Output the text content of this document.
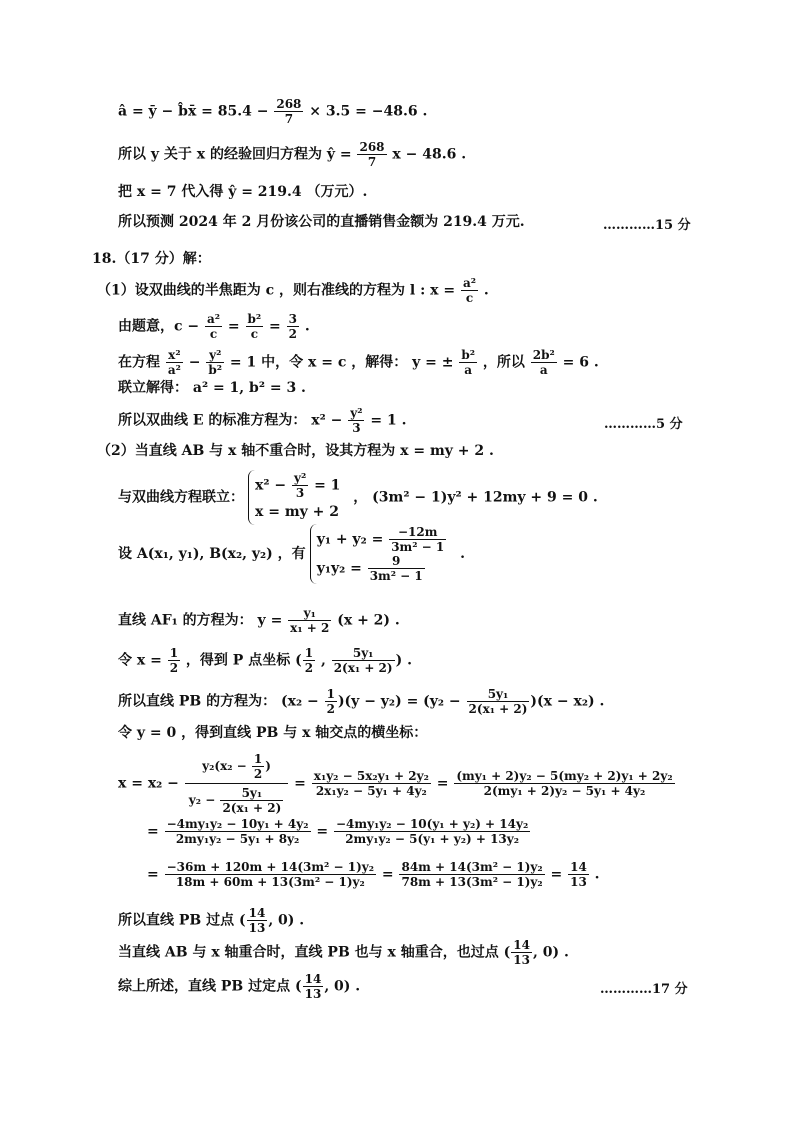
â = ȳ − b̂x̄ = $85.4 - \frac{268}{7} \times 3.5 = -48.6$ .
所以 y 关于 x 的经验回归方程为 ŷ = $\frac{268}{7}$ x − 48.6 .
把 x = 7 代入得 ŷ = 219.4 （万元）.
所以预测 2024 年 2 月份该公司的直播销售金额为 219.4 万元.	…………15 分
18.（17 分）解：
（1）设双曲线的半焦距为 c ，则右准线的方程为 l : $x = \frac{\text{a²}}{c}$ .
由题意，$c - \frac{\text{a²}}{c} = \frac{\text{b²}}{c} = \frac{3}{2}$ .
在方程 $\frac{\text{x²}}{\text{a²}} - \frac{\text{y²}}{\text{b²}} = 1$ 中，令 x = c ，解得： y = ± $\frac{\text{b²}}{a}$ ，所以 $\frac{\text{2b²}}{a} = 6$ .
联立解得： a² = 1, b² = 3 .
所以双曲线 E 的标准方程为： $x^2 - \frac{\text{y²}}{3} = 1$ .	…………5 分
（2）当直线 AB 与 x 轴不重合时，设其方程为 x = my + 2 .
与双曲线方程联立：
$x^2 - \frac{\text{y²}}{3} = 1$
x = my + 2
， (3m² − 1)y² + 12my + 9 = 0 .
设 A(x₁, y₁), B(x₂, y₂) ，有
$y_1 + y_2 = \frac{-12m}{\text{3m² − 1}}$
$y_1y_2 = \frac{9}{\text{3m² − 1}}$ .
直线 AF₁ 的方程为： $y = \frac{\text{y₁}}{\text{x₁ + 2}} (x + 2)$ .
令 $x = \frac{1}{2}$ ，得到 P 点坐标 ( $\frac{1}{2}$ , $\frac{\text{5y₁}}{\text{2(x₁ + 2)}}$ ) .
所以直线 PB 的方程为： $(x_2 - \frac{1}{2} )(y - y_2) = (y_2 - \frac{\text{5y₁}}{\text{2(x₁ + 2)}} )(x - x_2)$ .
令 y = 0 ，得到直线 PB 与 x 轴交点的横坐标：
$x = x_2 - \frac{y_2(x_2 - \frac{1}{2} )}{y_2 - \frac{\text{5y₁}}{\text{2(x₁ + 2)}}} = \frac{\text{x₁y₂ − 5x₂y₁ + 2y₂}}{\text{2x₁y₂ − 5y₁ + 4y₂}} = \frac{\text{(my₁ + 2)y₂ − 5(my₂ + 2)y₁ + 2y₂}}{\text{2(my₁ + 2)y₂ − 5y₁ + 4y₂}}$
= $\frac{\text{−4my₁y₂ − 10y₁ + 4y₂}}{\text{2my₁y₂ − 5y₁ + 8y₂}} = \frac{\text{−4my₁y₂ − 10(y₁ + y₂) + 14y₂}}{\text{2my₁y₂ − 5(y₁ + y₂) + 13y₂}}$
= $\frac{\text{−36m + 120m + 14(3m² − 1)y₂}}{\text{18m + 60m + 13(3m² − 1)y₂}} = \frac{\text{84m + 14(3m² − 1)y₂}}{\text{78m + 13(3m² − 1)y₂}} = \frac{14}{13}$ .
所以直线 PB 过点 ( $\frac{14}{13}$ , 0) .
当直线 AB 与 x 轴重合时，直线 PB 也与 x 轴重合，也过点 ( $\frac{14}{13}$ , 0) .
综上所述，直线 PB 过定点 ( $\frac{14}{13}$ , 0) .	…………17 分
